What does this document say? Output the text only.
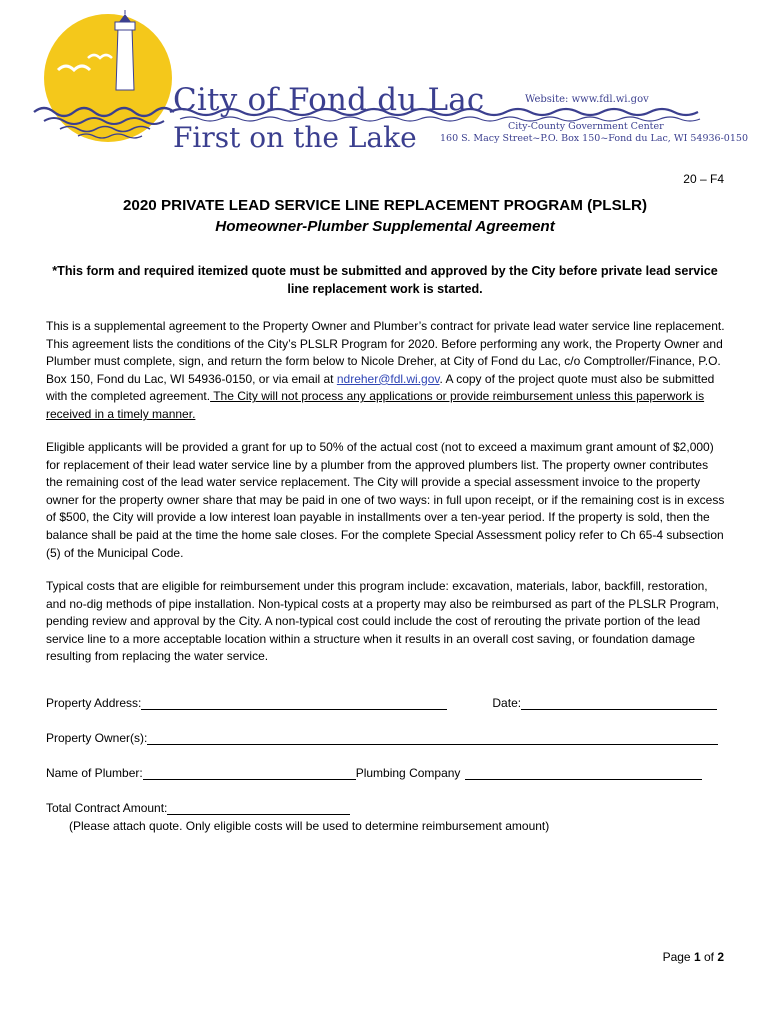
City of Fond du Lac
First on the Lake
Website: www.fdl.wi.gov
City-County Government Center
160 S. Macy Street~P.O. Box 150~Fond du Lac, WI 54936-0150
20 – F4
2020 PRIVATE LEAD SERVICE LINE REPLACEMENT PROGRAM (PLSLR)
Homeowner-Plumber Supplemental Agreement
*This form and required itemized quote must be submitted and approved by the City before private lead service line replacement work is started.

This is a supplemental agreement to the Property Owner and Plumber’s contract for private lead water service line replacement. This agreement lists the conditions of the City’s PLSLR Program for 2020. Before performing any work, the Property Owner and Plumber must complete, sign, and return the form below to Nicole Dreher, at City of Fond du Lac, c/o Comptroller/Finance, P.O. Box 150, Fond du Lac, WI 54936-0150, or via email at ndreher@fdl.wi.gov. A copy of the project quote must also be submitted with the completed agreement. The City will not process any applications or provide reimbursement unless this paperwork is received in a timely manner.

Eligible applicants will be provided a grant for up to 50% of the actual cost (not to exceed a maximum grant amount of $2,000) for replacement of their lead water service line by a plumber from the approved plumbers list. The property owner contributes the remaining cost of the lead water service replacement. The City will provide a special assessment invoice to the property owner for the property owner share that may be paid in one of two ways: in full upon receipt, or if the remaining cost is in excess of $500, the City will provide a low interest loan payable in installments over a ten-year period. If the property is sold, then the balance shall be paid at the time the home sale closes. For the complete Special Assessment policy refer to Ch 65-4 subsection (5) of the Municipal Code.

Typical costs that are eligible for reimbursement under this program include: excavation, materials, labor, backfill, restoration, and no-dig methods of pipe installation. Non-typical costs at a property may also be reimbursed as part of the PLSLR Program, pending review and approval by the City. A non-typical cost could include the cost of rerouting the private portion of the lead service line to a more acceptable location within a structure when it results in an overall cost saving, or foundation damage resulting from replacing the water service.

Property Address:	Date:
Property Owner(s):
Name of Plumber:	Plumbing Company
Total Contract Amount:
(Please attach quote. Only eligible costs will be used to determine reimbursement amount)
Page 1 of 2
